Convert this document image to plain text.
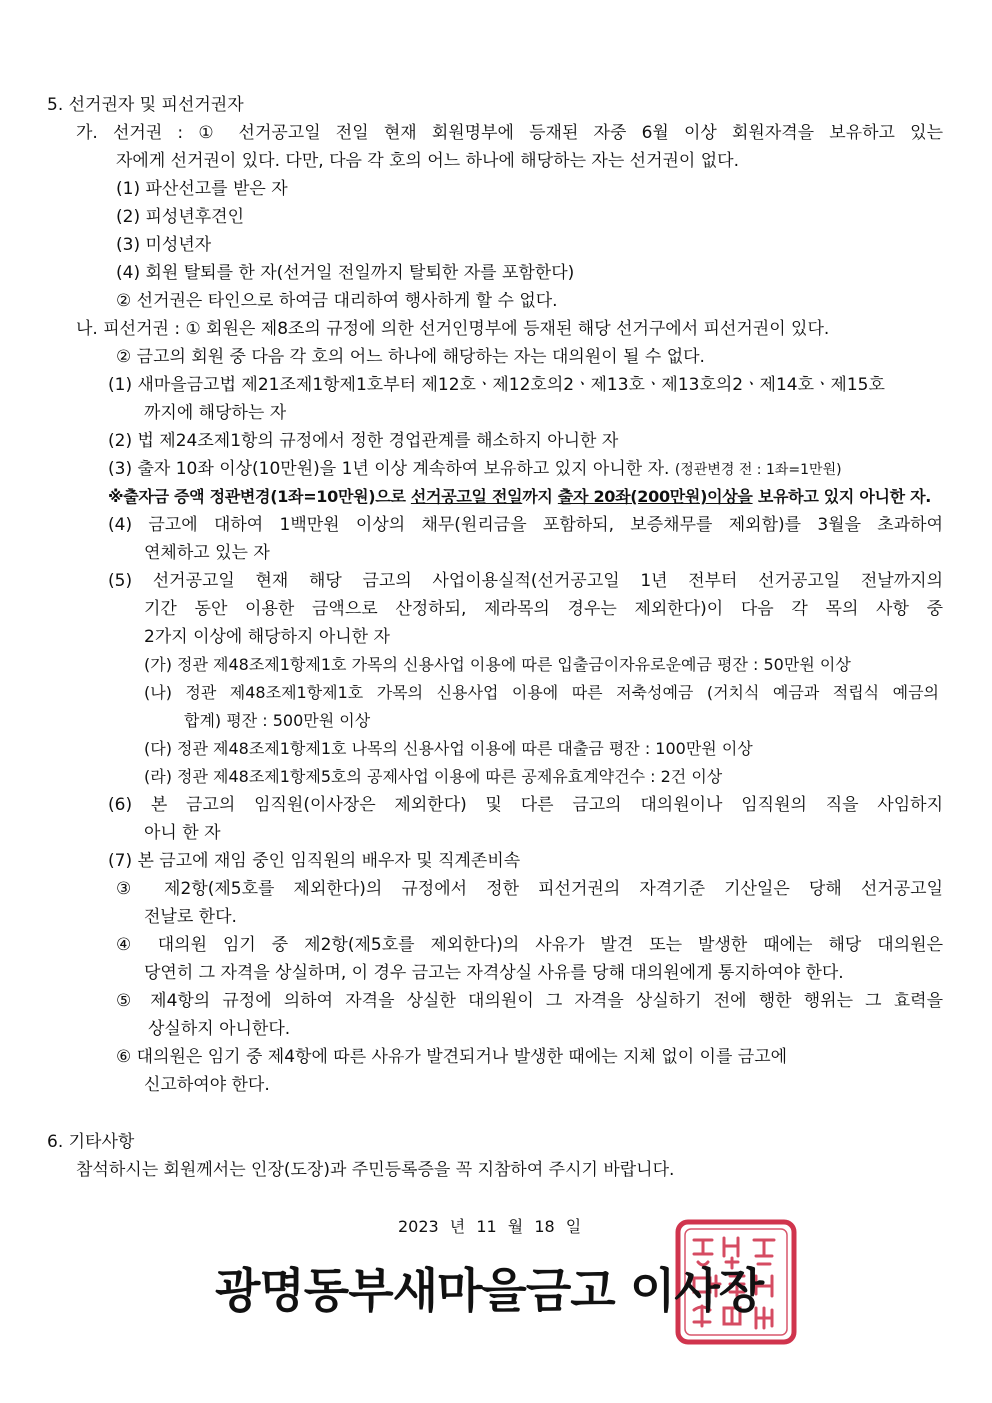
5. 선거권자 및 피선거권자
가. 선거권 : ① 선거공고일 전일 현재 회원명부에 등재된 자중 6월 이상 회원자격을 보유하고 있는
자에게 선거권이 있다. 다만, 다음 각 호의 어느 하나에 해당하는 자는 선거권이 없다.
(1) 파산선고를 받은 자
(2) 피성년후견인
(3) 미성년자
(4) 회원 탈퇴를 한 자(선거일 전일까지 탈퇴한 자를 포함한다)
② 선거권은 타인으로 하여금 대리하여 행사하게 할 수 없다.
나. 피선거권 : ① 회원은 제8조의 규정에 의한 선거인명부에 등재된 해당 선거구에서 피선거권이 있다.
② 금고의 회원 중 다음 각 호의 어느 하나에 해당하는 자는 대의원이 될 수 없다.
(1) 새마을금고법 제21조제1항제1호부터 제12호ㆍ제12호의2ㆍ제13호ㆍ제13호의2ㆍ제14호ㆍ제15호
까지에 해당하는 자
(2) 법 제24조제1항의 규정에서 정한 경업관계를 해소하지 아니한 자
(3) 출자 10좌 이상(10만원)을 1년 이상 계속하여 보유하고 있지 아니한 자. (정관변경 전 : 1좌=1만원)
※출자금 증액 정관변경(1좌=10만원)으로 선거공고일 전일까지 출자 20좌(200만원)이상을 보유하고 있지 아니한 자.
(4) 금고에 대하여 1백만원 이상의 채무(원리금을 포함하되, 보증채무를 제외함)를 3월을 초과하여
연체하고 있는 자
(5) 선거공고일 현재 해당 금고의 사업이용실적(선거공고일 1년 전부터 선거공고일 전날까지의
기간 동안 이용한 금액으로 산정하되, 제라목의 경우는 제외한다)이 다음 각 목의 사항 중
2가지 이상에 해당하지 아니한 자
(가) 정관 제48조제1항제1호 가목의 신용사업 이용에 따른 입출금이자유로운예금 평잔 : 50만원 이상
(나) 정관 제48조제1항제1호 가목의 신용사업 이용에 따른 저축성예금 (거치식 예금과 적립식 예금의
합계) 평잔 : 500만원 이상
(다) 정관 제48조제1항제1호 나목의 신용사업 이용에 따른 대출금 평잔 : 100만원 이상
(라) 정관 제48조제1항제5호의 공제사업 이용에 따른 공제유효계약건수 : 2건 이상
(6) 본 금고의 임직원(이사장은 제외한다) 및 다른 금고의 대의원이나 임직원의 직을 사임하지
아니 한 자
(7) 본 금고에 재임 중인 임직원의 배우자 및 직계존비속
③ 제2항(제5호를 제외한다)의 규정에서 정한 피선거권의 자격기준 기산일은 당해 선거공고일
전날로 한다.
④ 대의원 임기 중 제2항(제5호를 제외한다)의 사유가 발견 또는 발생한 때에는 해당 대의원은
당연히 그 자격을 상실하며, 이 경우 금고는 자격상실 사유를 당해 대의원에게 통지하여야 한다.
⑤ 제4항의 규정에 의하여 자격을 상실한 대의원이 그 자격을 상실하기 전에 행한 행위는 그 효력을
상실하지 아니한다.
⑥ 대의원은 임기 중 제4항에 따른 사유가 발견되거나 발생한 때에는 지체 없이 이를 금고에
신고하여야 한다.
6. 기타사항
참석하시는 회원께서는 인장(도장)과 주민등록증을 꼭 지참하여 주시기 바랍니다.
2023 년 11 월 18 일
광명동부새마을금고 이사장
